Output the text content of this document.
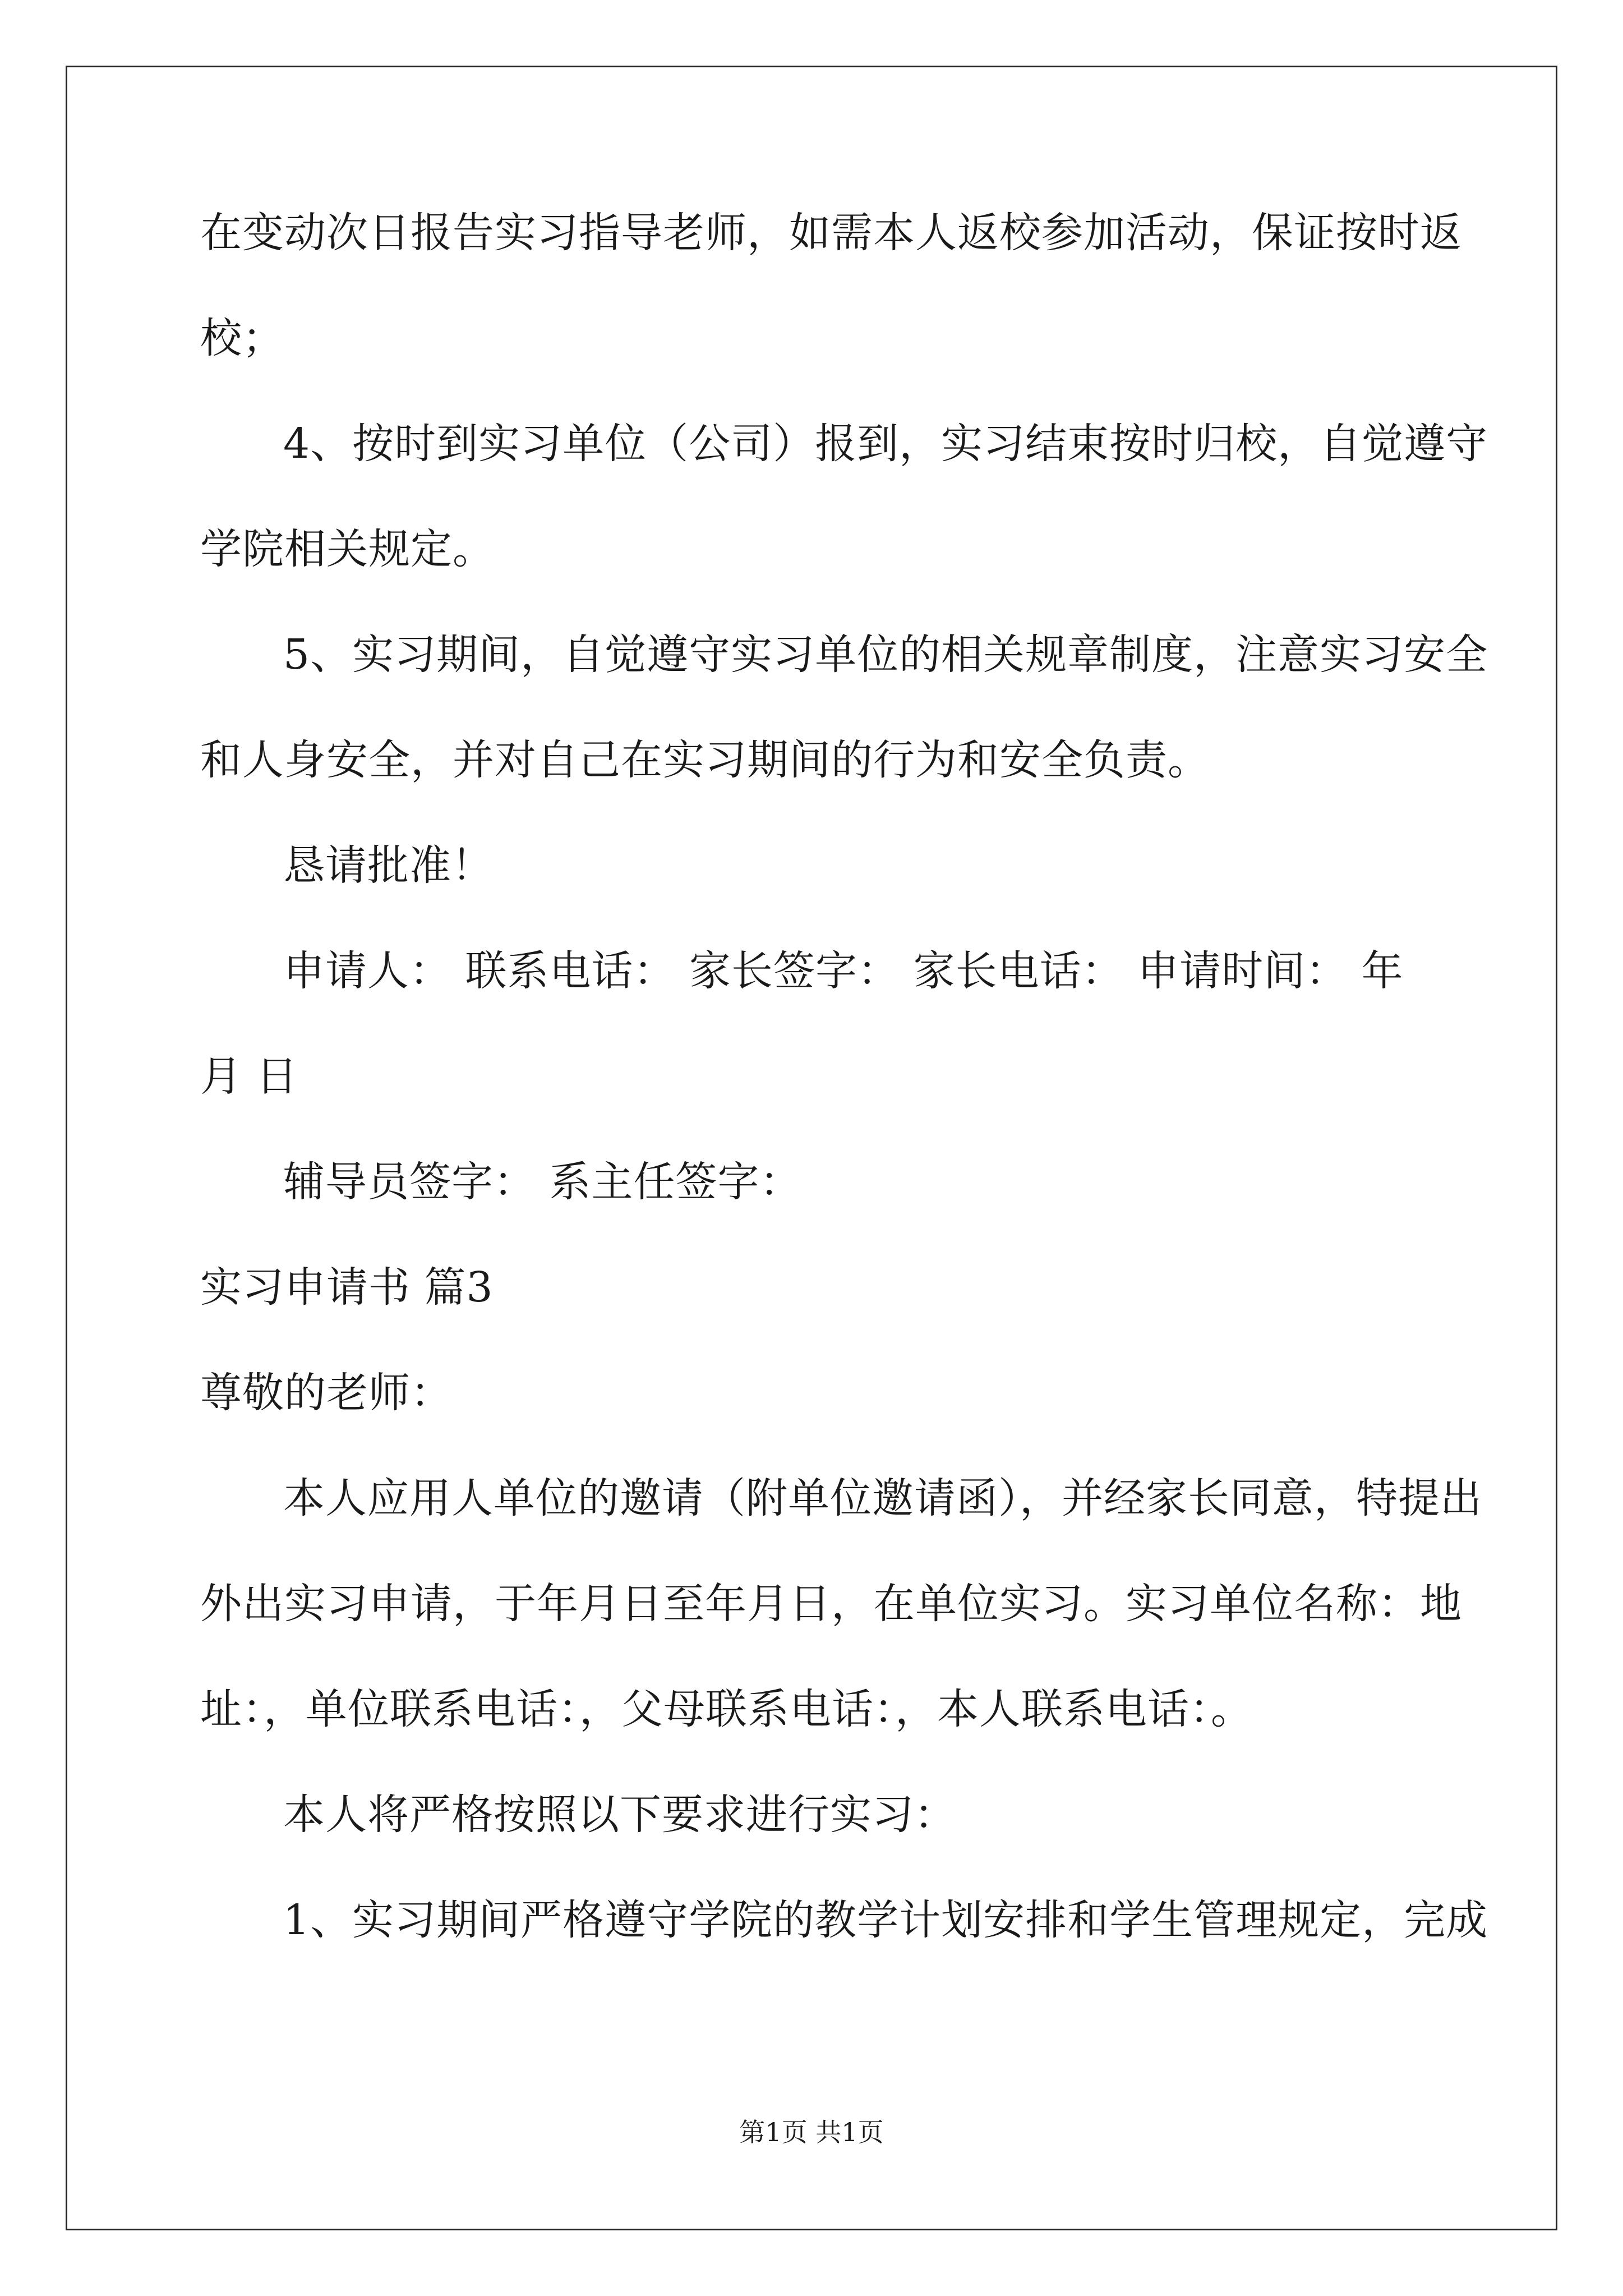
在变动次日报告实习指导老师，如需本人返校参加活动，保证按时返
校；
4、按时到实习单位（公司）报到，实习结束按时归校，自觉遵守
学院相关规定。
5、实习期间，自觉遵守实习单位的相关规章制度，注意实习安全
和人身安全，并对自己在实习期间的行为和安全负责。
恳请批准！
申请人： 联系电话： 家长签字： 家长电话： 申请时间： 年
月 日
辅导员签字： 系主任签字：
实习申请书 篇3
尊敬的老师：
本人应用人单位的邀请（附单位邀请函），并经家长同意，特提出
外出实习申请，于年月日至年月日，在单位实习。实习单位名称：地
址：，单位联系电话：，父母联系电话：，本人联系电话：。
本人将严格按照以下要求进行实习：
1、实习期间严格遵守学院的教学计划安排和学生管理规定，完成
第1页 共1页
